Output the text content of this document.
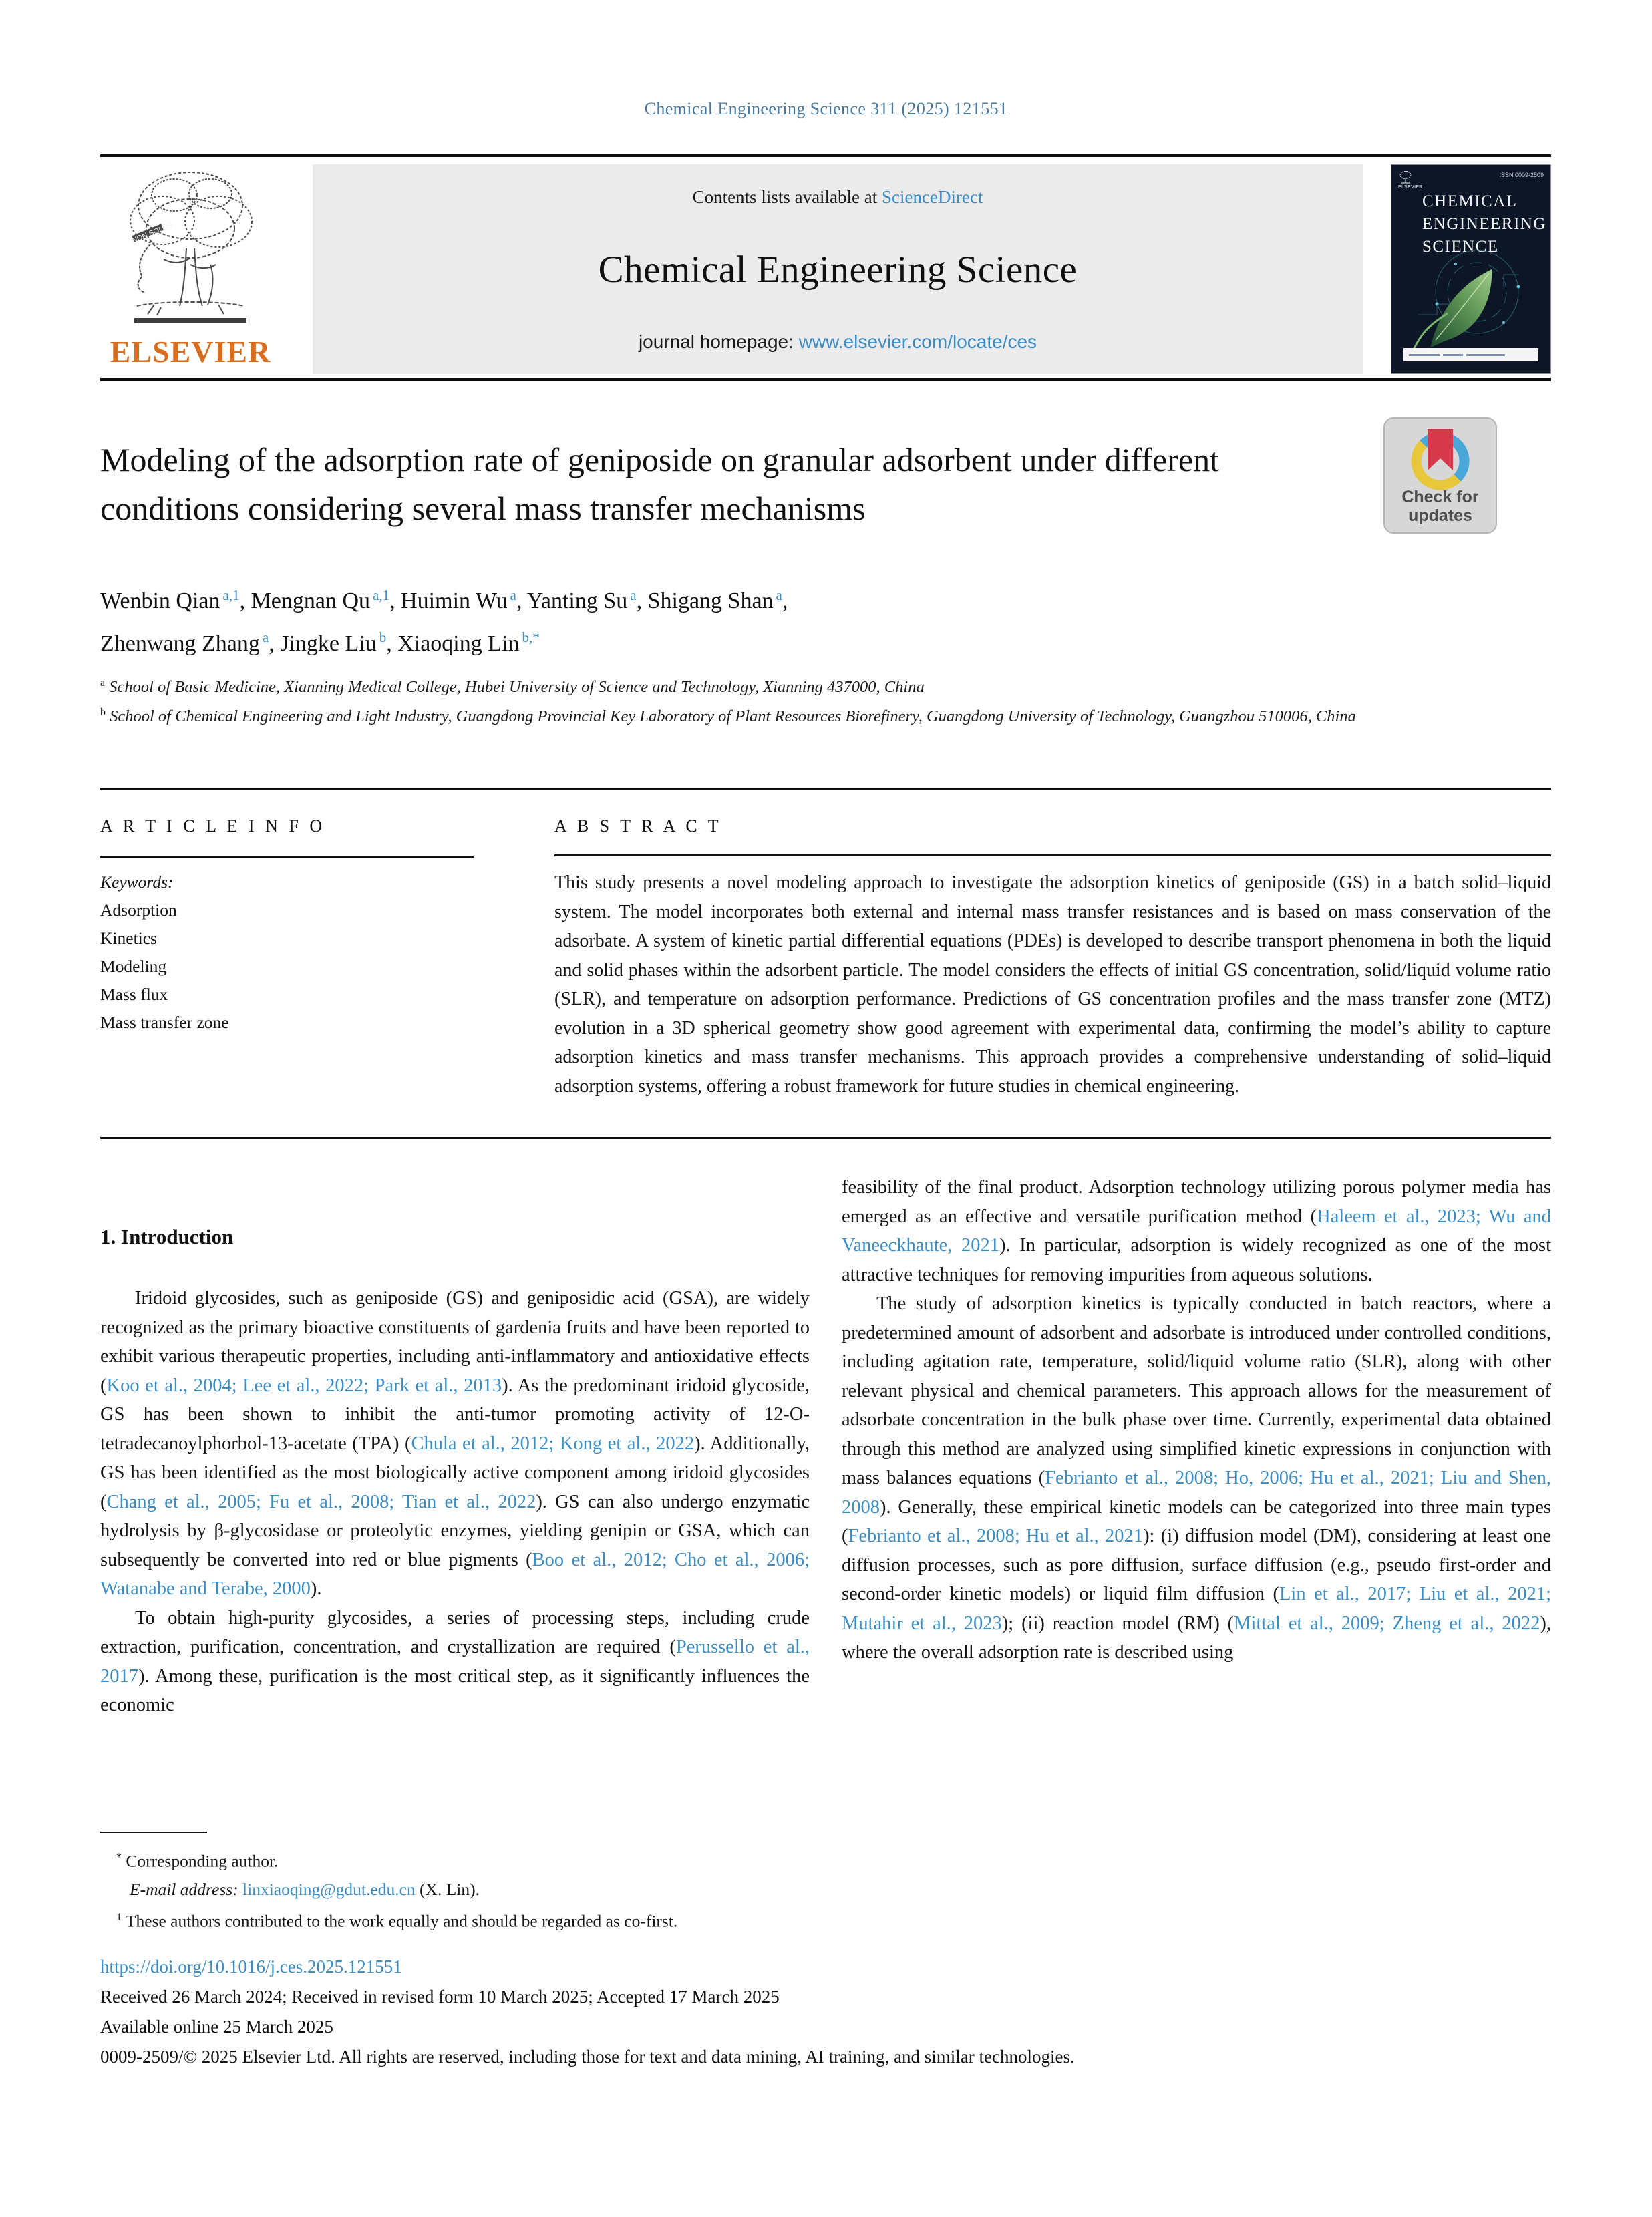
Chemical Engineering Science 311 (2025) 121551
NON SOLUS
ELSEVIER
Contents lists available at ScienceDirect
Chemical Engineering Science
journal homepage: www.elsevier.com/locate/ces
ELSEVIER
ISSN 0009-2509
CHEMICAL
ENGINEERING
SCIENCE
Modeling of the adsorption rate of geniposide on granular adsorbent under different conditions considering several mass transfer mechanisms	Check for
updates
Wenbin Qian $^{a,1}$, Mengnan Qu $^{a,1}$, Huimin Wu $^a$, Yanting Su $^a$, Shigang Shan $^a$,
Zhenwang Zhang $^a$, Jingke Liu $^b$, Xiaoqing Lin $^{b,*}$
$^a$ School of Basic Medicine, Xianning Medical College, Hubei University of Science and Technology, Xianning 437000, China
$^b$ School of Chemical Engineering and Light Industry, Guangdong Provincial Key Laboratory of Plant Resources Biorefinery, Guangdong University of Technology, Guangzhou 510006, China
A R T I C L E I N F O
Keywords:
Adsorption
Kinetics
Modeling
Mass flux
Mass transfer zone
A B S T R A C T
This study presents a novel modeling approach to investigate the adsorption kinetics of geniposide (GS) in a batch solid–liquid system. The model incorporates both external and internal mass transfer resistances and is based on mass conservation of the adsorbate. A system of kinetic partial differential equations (PDEs) is developed to describe transport phenomena in both the liquid and solid phases within the adsorbent particle. The model considers the effects of initial GS concentration, solid/liquid volume ratio (SLR), and temperature on adsorption performance. Predictions of GS concentration profiles and the mass transfer zone (MTZ) evolution in a 3D spherical geometry show good agreement with experimental data, confirming the model’s ability to capture adsorption kinetics and mass transfer mechanisms. This approach provides a comprehensive understanding of solid–liquid adsorption systems, offering a robust framework for future studies in chemical engineering.
1. Introduction

Iridoid glycosides, such as geniposide (GS) and geniposidic acid (GSA), are widely recognized as the primary bioactive constituents of gardenia fruits and have been reported to exhibit various therapeutic properties, including anti-inflammatory and antioxidative effects (Koo et al., 2004; Lee et al., 2022; Park et al., 2013). As the predominant iridoid glycoside, GS has been shown to inhibit the anti-tumor promoting activity of 12-O-tetradecanoylphorbol-13-acetate (TPA) (Chula et al., 2012; Kong et al., 2022). Additionally, GS has been identified as the most biologically active component among iridoid glycosides (Chang et al., 2005; Fu et al., 2008; Tian et al., 2022). GS can also undergo enzymatic hydrolysis by β-glycosidase or proteolytic enzymes, yielding genipin or GSA, which can subsequently be converted into red or blue pigments (Boo et al., 2012; Cho et al., 2006; Watanabe and Terabe, 2000).

To obtain high-purity glycosides, a series of processing steps, including crude extraction, purification, concentration, and crystallization are required (Perussello et al., 2017). Among these, purification is the most critical step, as it significantly influences the economic

feasibility of the final product. Adsorption technology utilizing porous polymer media has emerged as an effective and versatile purification method (Haleem et al., 2023; Wu and Vaneeckhaute, 2021). In particular, adsorption is widely recognized as one of the most attractive techniques for removing impurities from aqueous solutions.

The study of adsorption kinetics is typically conducted in batch reactors, where a predetermined amount of adsorbent and adsorbate is introduced under controlled conditions, including agitation rate, temperature, solid/liquid volume ratio (SLR), along with other relevant physical and chemical parameters. This approach allows for the measurement of adsorbate concentration in the bulk phase over time. Currently, experimental data obtained through this method are analyzed using simplified kinetic expressions in conjunction with mass balances equations (Febrianto et al., 2008; Ho, 2006; Hu et al., 2021; Liu and Shen, 2008). Generally, these empirical kinetic models can be categorized into three main types (Febrianto et al., 2008; Hu et al., 2021): (i) diffusion model (DM), considering at least one diffusion processes, such as pore diffusion, surface diffusion (e.g., pseudo first-order and second-order kinetic models) or liquid film diffusion (Lin et al., 2017; Liu et al., 2021; Mutahir et al., 2023); (ii) reaction model (RM) (Mittal et al., 2009; Zheng et al., 2022), where the overall adsorption rate is described using

* Corresponding author.
E-mail address: linxiaoqing@gdut.edu.cn (X. Lin).
$^1$ These authors contributed to the work equally and should be regarded as co-first.
https://doi.org/10.1016/j.ces.2025.121551
Received 26 March 2024; Received in revised form 10 March 2025; Accepted 17 March 2025
Available online 25 March 2025
0009-2509/© 2025 Elsevier Ltd. All rights are reserved, including those for text and data mining, AI training, and similar technologies.
